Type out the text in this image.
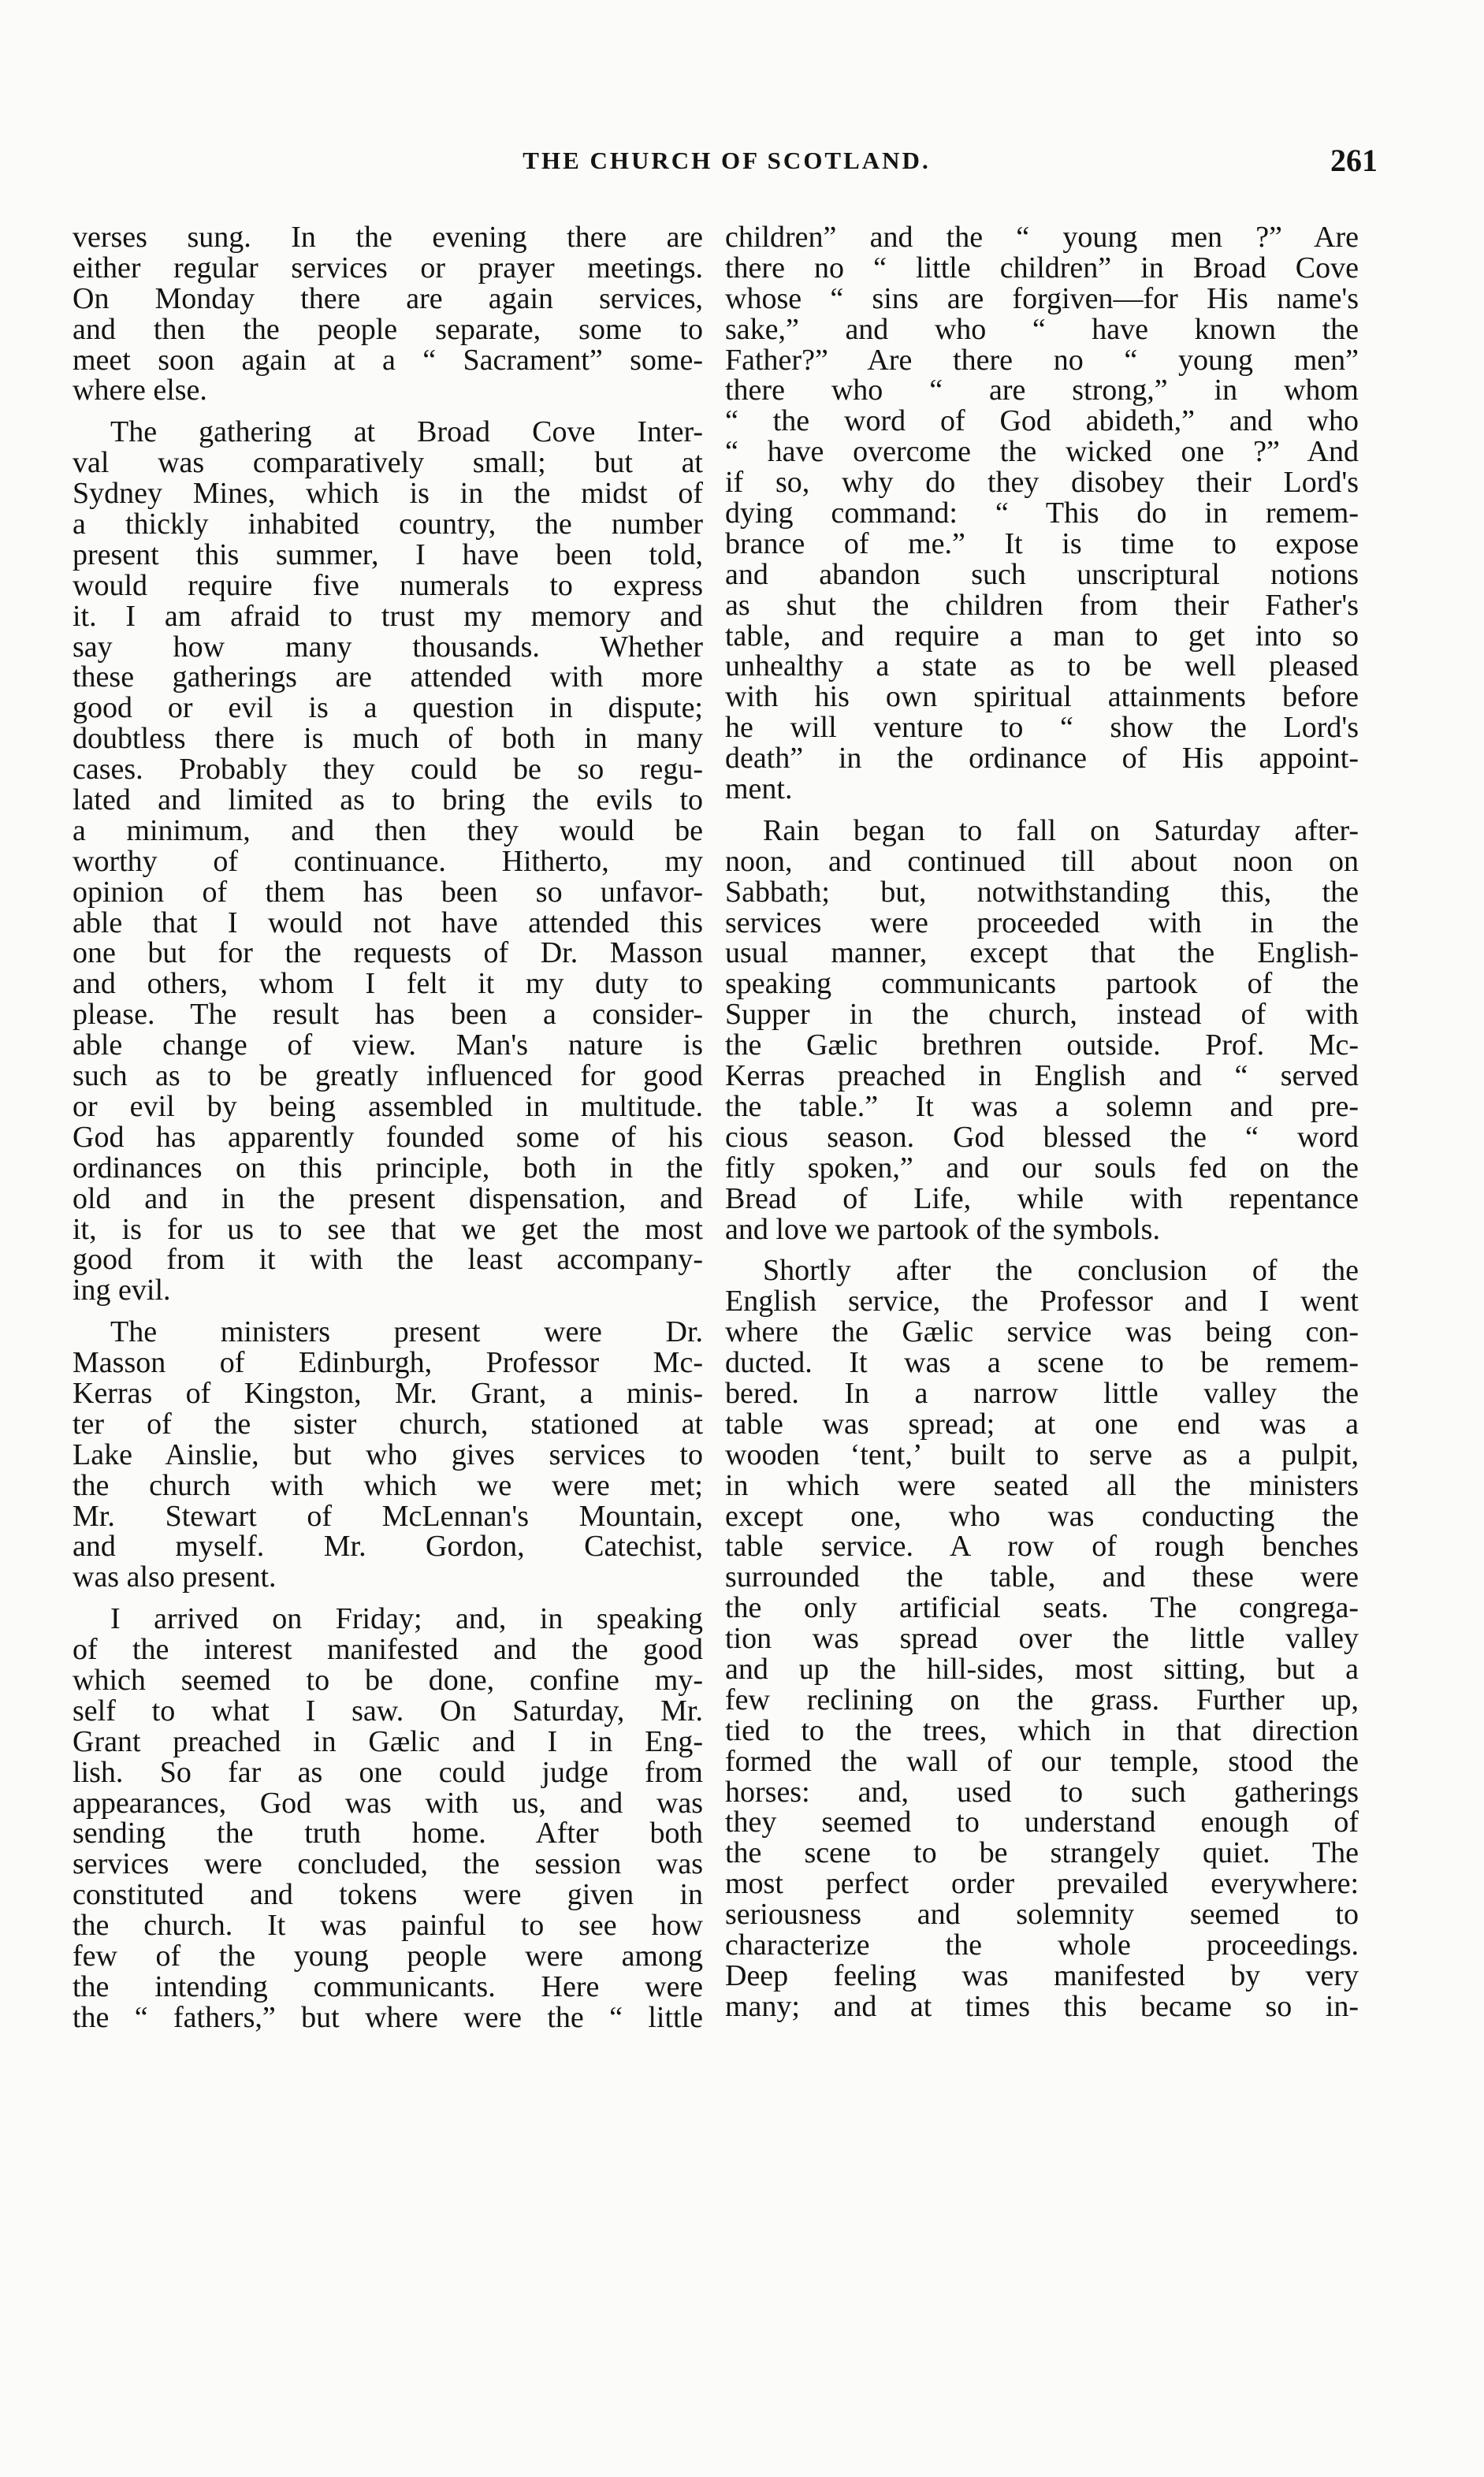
THE CHURCH OF SCOTLAND.	261
verses sung. In the evening there are
either regular services or prayer meetings.
On Monday there are again services,
and then the people separate, some to
meet soon again at a “ Sacrament” some-
where else.
The gathering at Broad Cove Inter-
val was comparatively small; but at
Sydney Mines, which is in the midst of
a thickly inhabited country, the number
present this summer, I have been told,
would require five numerals to express
it. I am afraid to trust my memory and
say how many thousands. Whether
these gatherings are attended with more
good or evil is a question in dispute;
doubtless there is much of both in many
cases. Probably they could be so regu-
lated and limited as to bring the evils to
a minimum, and then they would be
worthy of continuance. Hitherto, my
opinion of them has been so unfavor-
able that I would not have attended this
one but for the requests of Dr. Masson
and others, whom I felt it my duty to
please. The result has been a consider-
able change of view. Man's nature is
such as to be greatly influenced for good
or evil by being assembled in multitude.
God has apparently founded some of his
ordinances on this principle, both in the
old and in the present dispensation, and
it, is for us to see that we get the most
good from it with the least accompany-
ing evil.
The ministers present were Dr.
Masson of Edinburgh, Professor Mc-
Kerras of Kingston, Mr. Grant, a minis-
ter of the sister church, stationed at
Lake Ainslie, but who gives services to
the church with which we were met;
Mr. Stewart of McLennan's Mountain,
and myself. Mr. Gordon, Catechist,
was also present.
I arrived on Friday; and, in speaking
of the interest manifested and the good
which seemed to be done, confine my-
self to what I saw. On Saturday, Mr.
Grant preached in Gælic and I in Eng-
lish. So far as one could judge from
appearances, God was with us, and was
sending the truth home. After both
services were concluded, the session was
constituted and tokens were given in
the church. It was painful to see how
few of the young people were among
the intending communicants. Here were
the “ fathers,” but where were the “ little
children” and the “ young men ?” Are
there no “ little children” in Broad Cove
whose “ sins are forgiven—for His name's
sake,” and who “ have known the
Father?” Are there no “ young men”
there who “ are strong,” in whom
“ the word of God abideth,” and who
“ have overcome the wicked one ?” And
if so, why do they disobey their Lord's
dying command: “ This do in remem-
brance of me.” It is time to expose
and abandon such unscriptural notions
as shut the children from their Father's
table, and require a man to get into so
unhealthy a state as to be well pleased
with his own spiritual attainments before
he will venture to “ show the Lord's
death” in the ordinance of His appoint-
ment.
Rain began to fall on Saturday after-
noon, and continued till about noon on
Sabbath; but, notwithstanding this, the
services were proceeded with in the
usual manner, except that the English-
speaking communicants partook of the
Supper in the church, instead of with
the Gælic brethren outside. Prof. Mc-
Kerras preached in English and “ served
the table.” It was a solemn and pre-
cious season. God blessed the “ word
fitly spoken,” and our souls fed on the
Bread of Life, while with repentance
and love we partook of the symbols.
Shortly after the conclusion of the
English service, the Professor and I went
where the Gælic service was being con-
ducted. It was a scene to be remem-
bered. In a narrow little valley the
table was spread; at one end was a
wooden ‘tent,’ built to serve as a pulpit,
in which were seated all the ministers
except one, who was conducting the
table service. A row of rough benches
surrounded the table, and these were
the only artificial seats. The congrega-
tion was spread over the little valley
and up the hill-sides, most sitting, but a
few reclining on the grass. Further up,
tied to the trees, which in that direction
formed the wall of our temple, stood the
horses: and, used to such gatherings
they seemed to understand enough of
the scene to be strangely quiet. The
most perfect order prevailed everywhere:
seriousness and solemnity seemed to
characterize the whole proceedings.
Deep feeling was manifested by very
many; and at times this became so in-
